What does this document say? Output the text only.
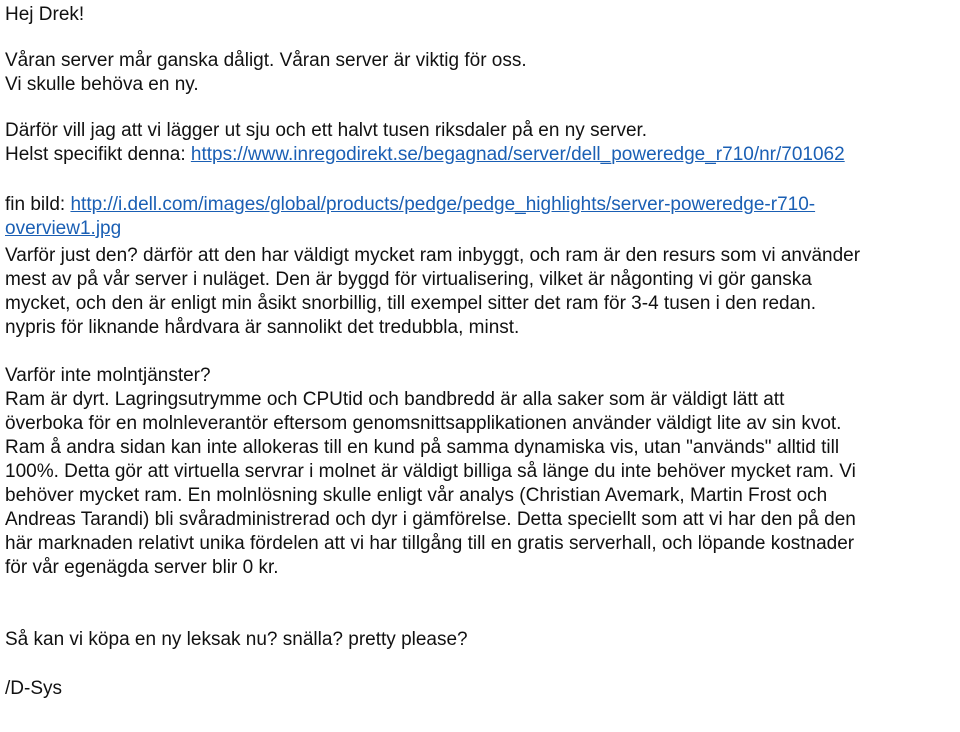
Hej Drek!
Våran server mår ganska dåligt. Våran server är viktig för oss.
Vi skulle behöva en ny.
Därför vill jag att vi lägger ut sju och ett halvt tusen riksdaler på en ny server.
Helst specifikt denna: https://www.inregodirekt.se/begagnad/server/dell_poweredge_r710/nr/701062
fin bild: http://i.dell.com/images/global/products/pedge/pedge_highlights/server-poweredge-r710-
overview1.jpg
Varför just den? därför att den har väldigt mycket ram inbyggt, och ram är den resurs som vi använder
mest av på vår server i nuläget. Den är byggd för virtualisering, vilket är någonting vi gör ganska
mycket, och den är enligt min åsikt snorbillig, till exempel sitter det ram för 3-4 tusen i den redan.
nypris för liknande hårdvara är sannolikt det tredubbla, minst.
Varför inte molntjänster?
Ram är dyrt. Lagringsutrymme och CPUtid och bandbredd är alla saker som är väldigt lätt att
överboka för en molnleverantör eftersom genomsnittsapplikationen använder väldigt lite av sin kvot.
Ram å andra sidan kan inte allokeras till en kund på samma dynamiska vis, utan "används" alltid till
100%. Detta gör att virtuella servrar i molnet är väldigt billiga så länge du inte behöver mycket ram. Vi
behöver mycket ram. En molnlösning skulle enligt vår analys (Christian Avemark, Martin Frost och
Andreas Tarandi) bli svåradministrerad och dyr i gämförelse. Detta speciellt som att vi har den på den
här marknaden relativt unika fördelen att vi har tillgång till en gratis serverhall, och löpande kostnader
för vår egenägda server blir 0 kr.
Så kan vi köpa en ny leksak nu? snälla? pretty please?
/D-Sys
